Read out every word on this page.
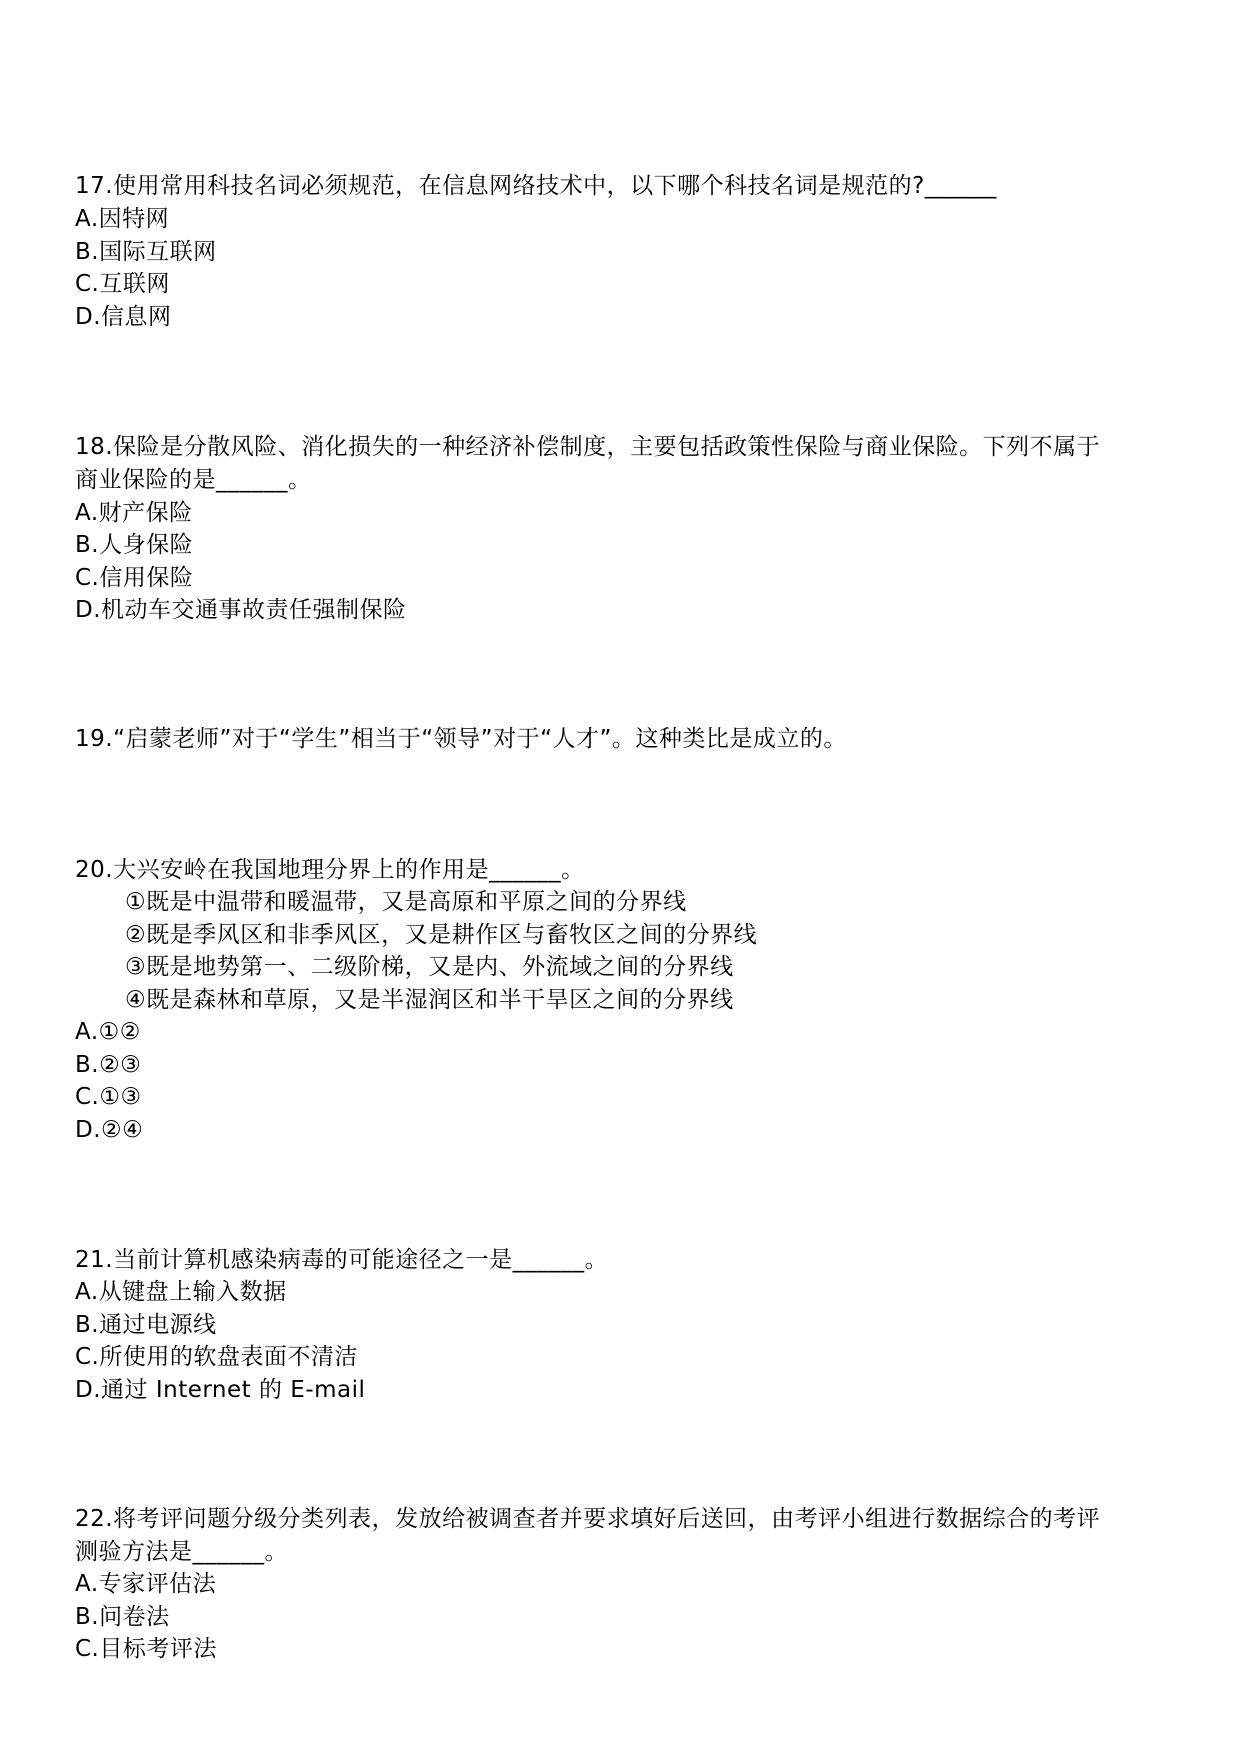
17.使用常用科技名词必须规范，在信息网络技术中，以下哪个科技名词是规范的?______
A.因特网
B.国际互联网
C.互联网
D.信息网
18.保险是分散风险、消化损失的一种经济补偿制度，主要包括政策性保险与商业保险。下列不属于
商业保险的是______。
A.财产保险
B.人身保险
C.信用保险
D.机动车交通事故责任强制保险
19.“启蒙老师”对于“学生”相当于“领导”对于“人才”。这种类比是成立的。
20.大兴安岭在我国地理分界上的作用是______。
①既是中温带和暖温带，又是高原和平原之间的分界线
②既是季风区和非季风区，又是耕作区与畜牧区之间的分界线
③既是地势第一、二级阶梯，又是内、外流域之间的分界线
④既是森林和草原，又是半湿润区和半干旱区之间的分界线
A.①②
B.②③
C.①③
D.②④
21.当前计算机感染病毒的可能途径之一是______。
A.从键盘上输入数据
B.通过电源线
C.所使用的软盘表面不清洁
D.通过 Internet 的 E-mail
22.将考评问题分级分类列表，发放给被调查者并要求填好后送回，由考评小组进行数据综合的考评
测验方法是______。
A.专家评估法
B.问卷法
C.目标考评法
